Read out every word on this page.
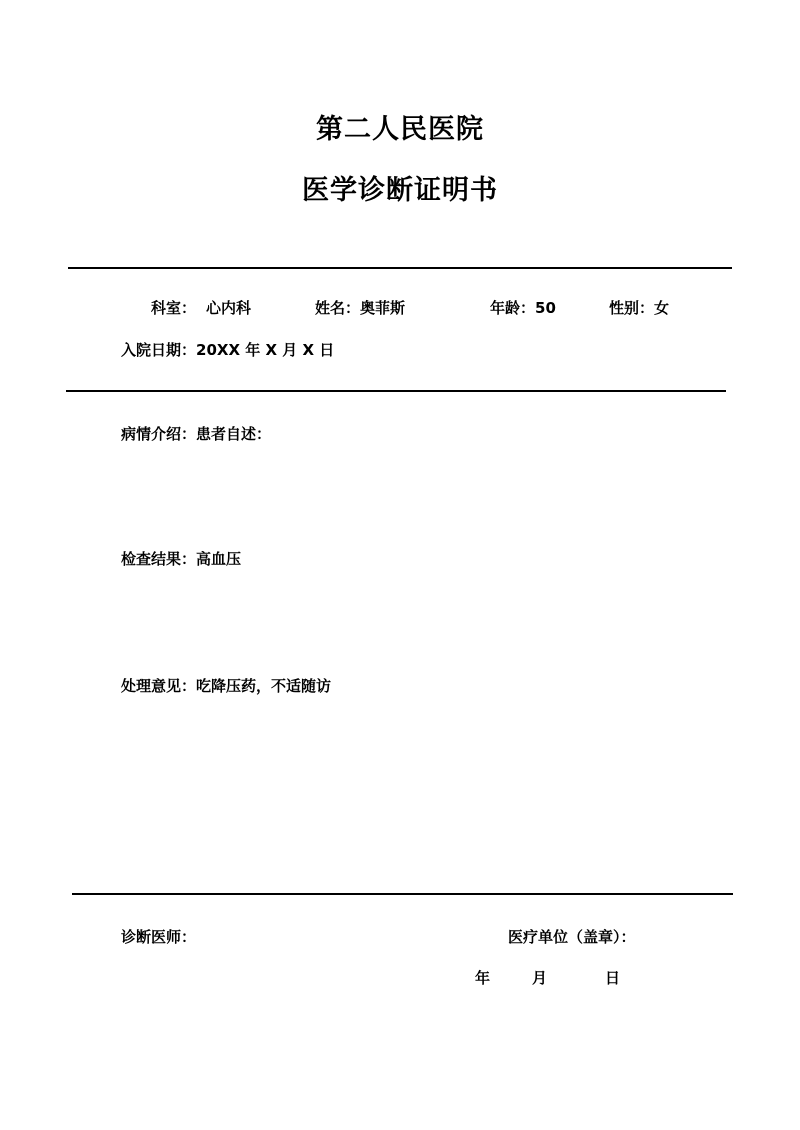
第二人民医院
医学诊断证明书
科室： 心内科	姓名：奥菲斯	年龄：50	性别：女
入院日期：20XX 年 X 月 X 日
病情介绍：患者自述：
检查结果：高血压
处理意见：吃降压药，不适随访
诊断医师：	医疗单位（盖章）：
年	月	日
